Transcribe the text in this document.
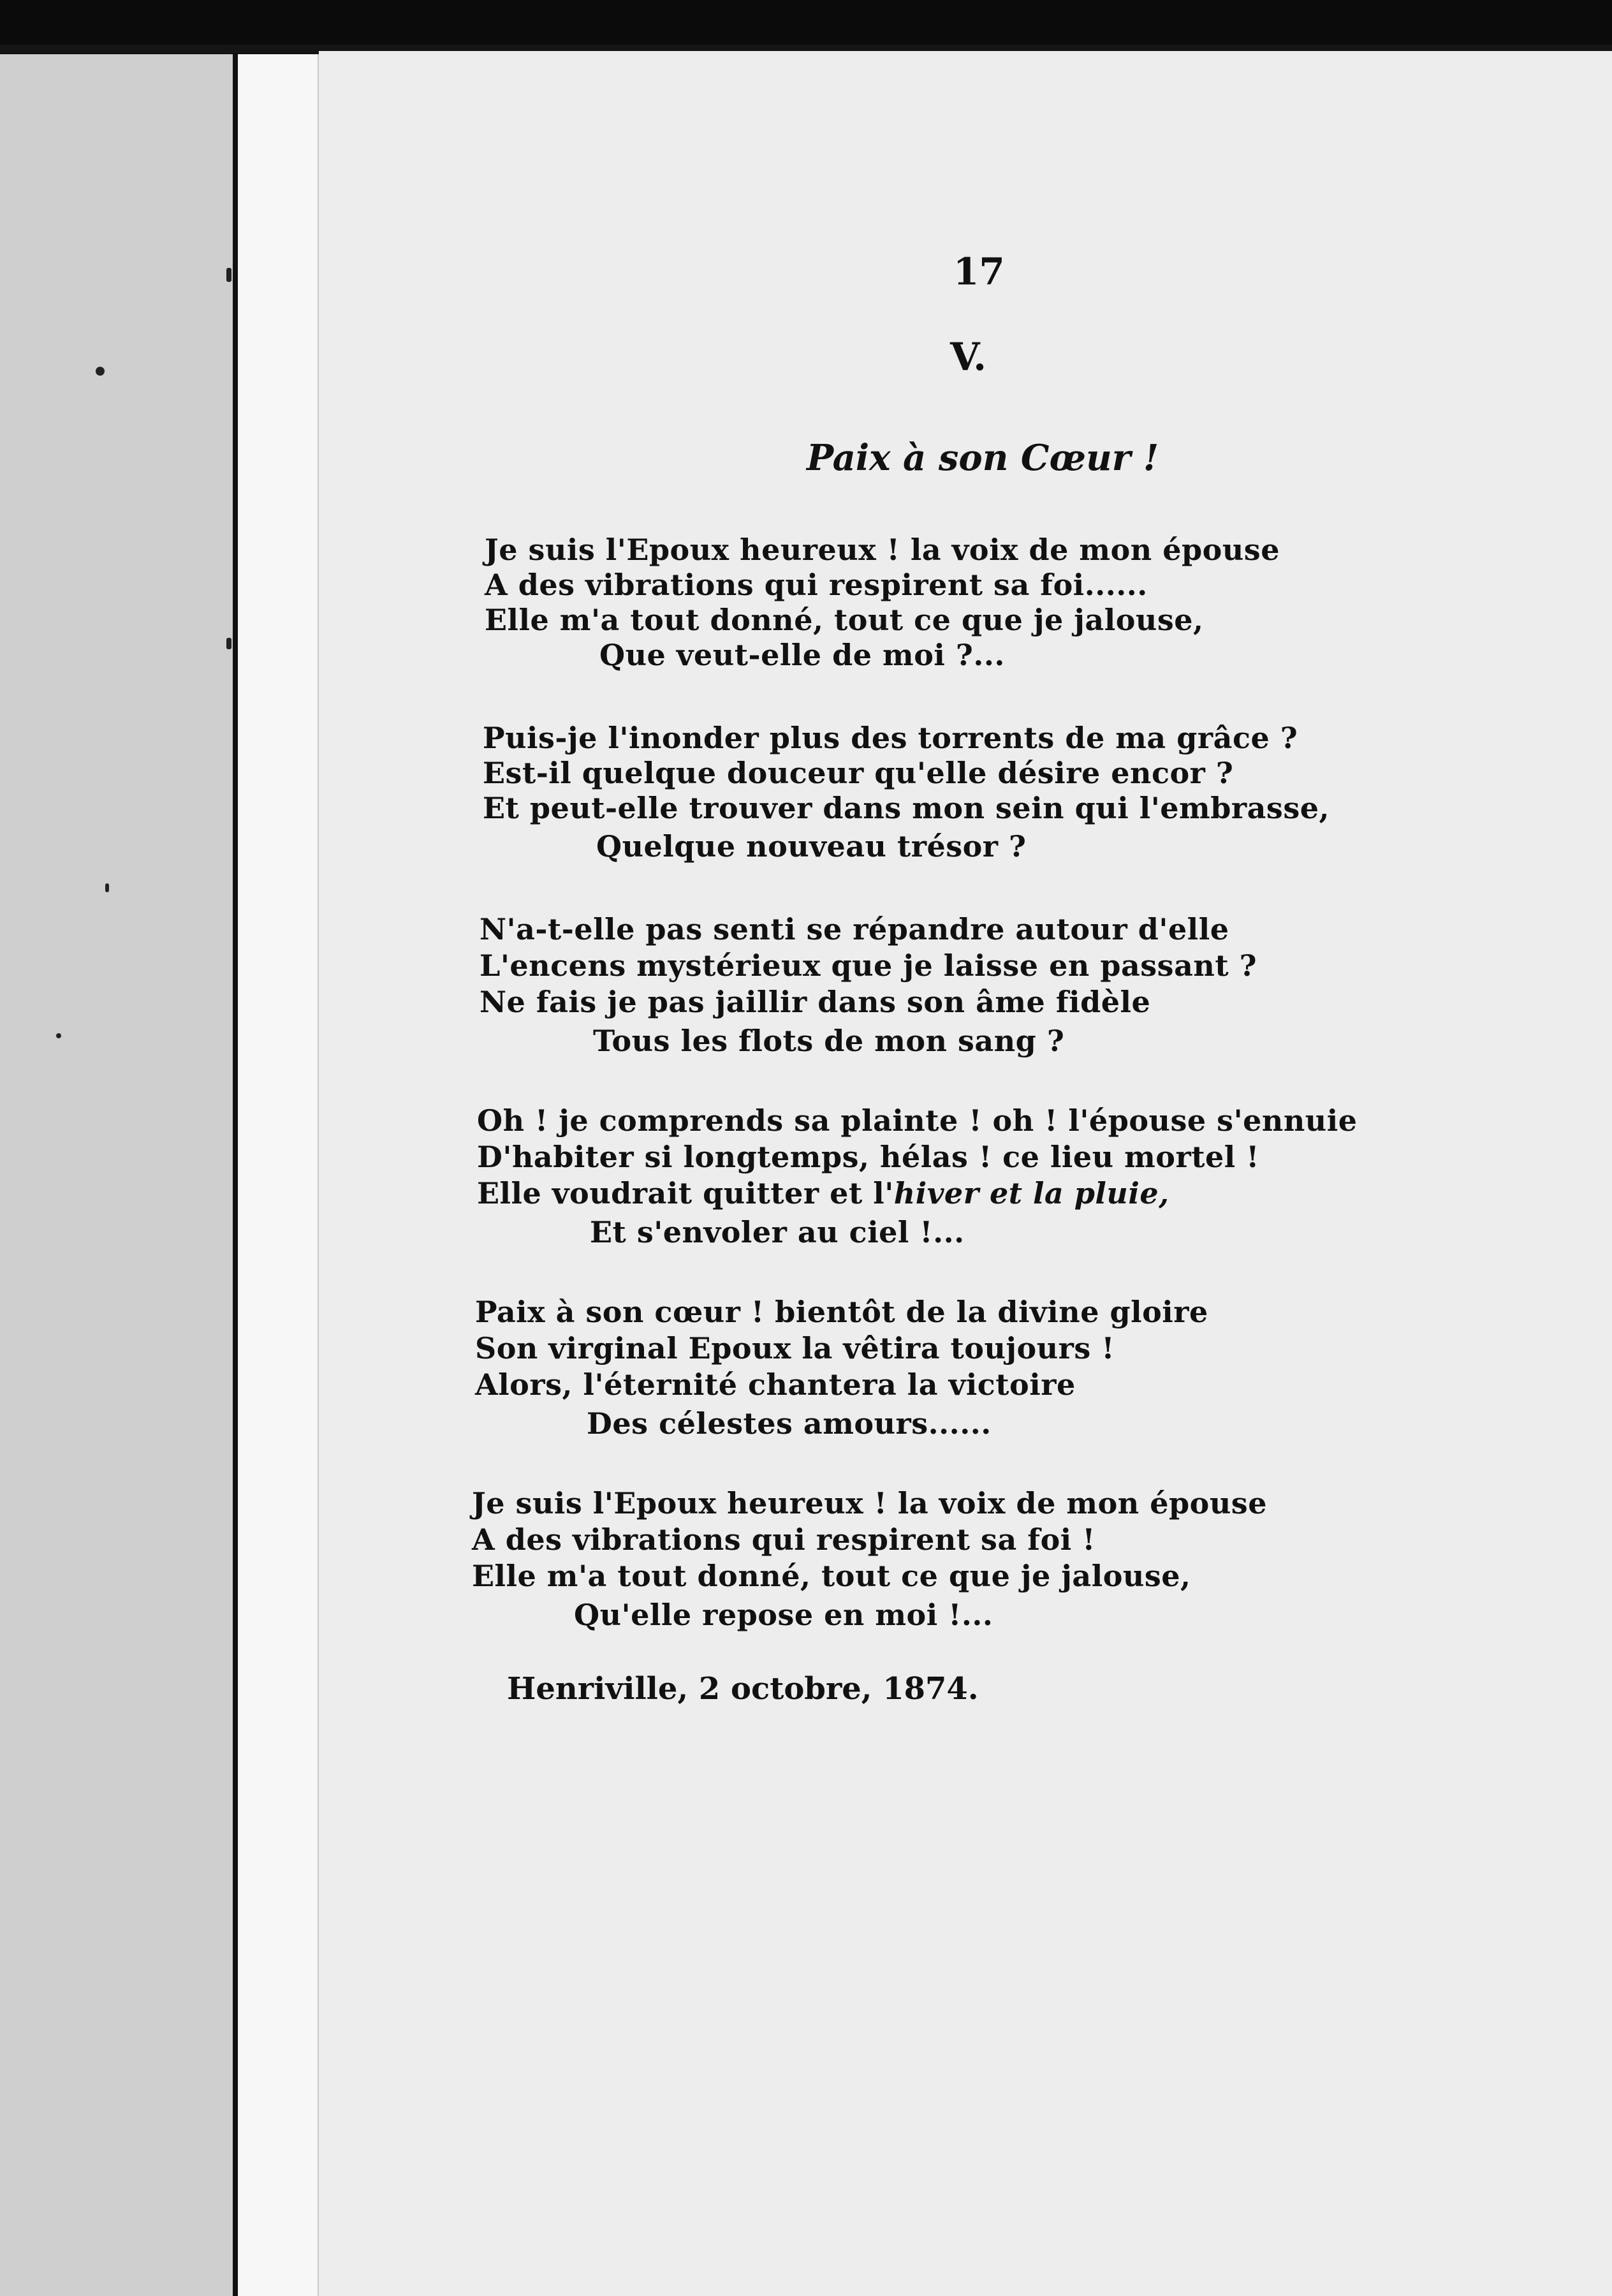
17
V.
Paix à son Cœur !
Je suis l'Epoux heureux ! la voix de mon épouse
A des vibrations qui respirent sa foi......
Elle m'a tout donné, tout ce que je jalouse,
Que veut-elle de moi ?...
Puis-je l'inonder plus des torrents de ma grâce ?
Est-il quelque douceur qu'elle désire encor ?
Et peut-elle trouver dans mon sein qui l'embrasse,
Quelque nouveau trésor ?
N'a-t-elle pas senti se répandre autour d'elle
L'encens mystérieux que je laisse en passant ?
Ne fais je pas jaillir dans son âme fidèle
Tous les flots de mon sang ?
Oh ! je comprends sa plainte ! oh ! l'épouse s'ennuie
D'habiter si longtemps, hélas ! ce lieu mortel !
Elle voudrait quitter et l'hiver et la pluie,
Et s'envoler au ciel !...
Paix à son cœur ! bientôt de la divine gloire
Son virginal Epoux la vêtira toujours !
Alors, l'éternité chantera la victoire
Des célestes amours......
Je suis l'Epoux heureux ! la voix de mon épouse
A des vibrations qui respirent sa foi !
Elle m'a tout donné, tout ce que je jalouse,
Qu'elle repose en moi !...
Henriville, 2 octobre, 1874.
